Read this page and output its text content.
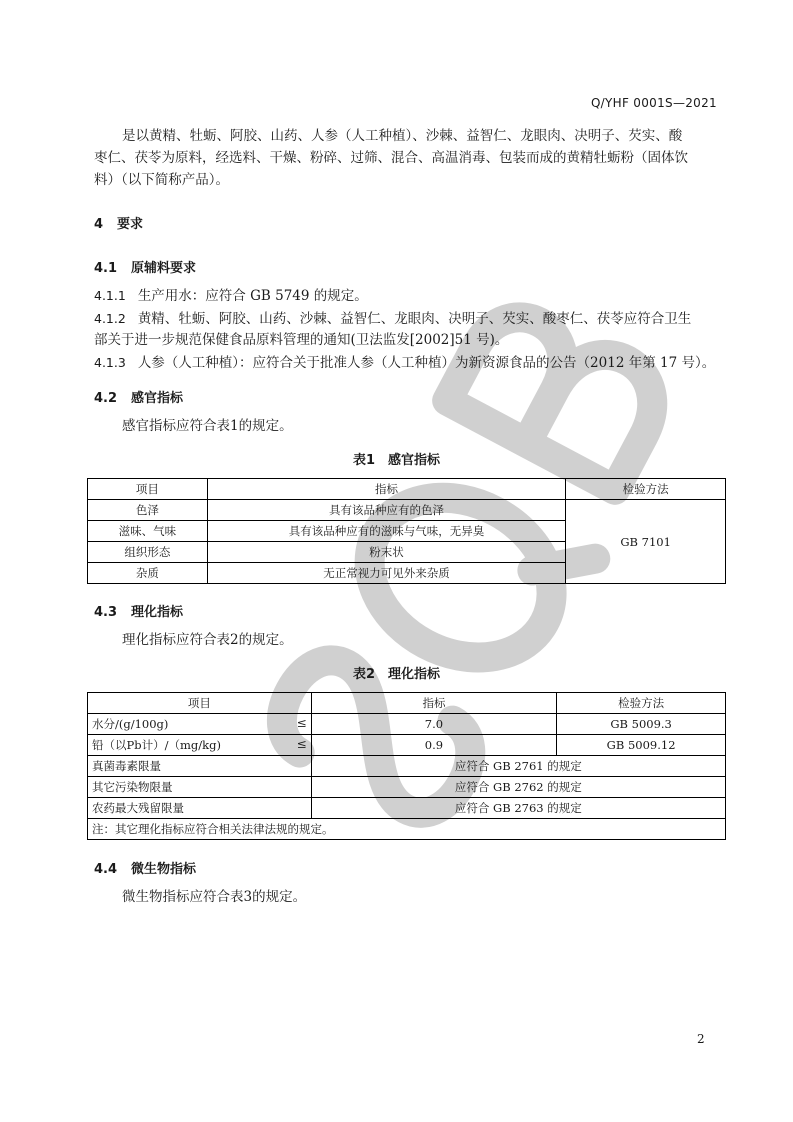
Q/YHF 0001S—2021
是以黄精、牡蛎、阿胶、山药、人参（人工种植）、沙棘、益智仁、龙眼肉、决明子、芡实、酸
枣仁、茯苓为原料，经选料、干燥、粉碎、过筛、混合、高温消毒、包装而成的黄精牡蛎粉（固体饮
料）（以下简称产品）。
4 要求
4.1 原辅料要求
4.1.1 生产用水：应符合 GB 5749 的规定。
4.1.2 黄精、牡蛎、阿胶、山药、沙棘、益智仁、龙眼肉、决明子、芡实、酸枣仁、茯苓应符合卫生
部关于进一步规范保健食品原料管理的通知(卫法监发[2002]51 号)。
4.1.3 人参（人工种植）：应符合关于批准人参（人工种植）为新资源食品的公告（2012 年第 17 号）。
4.2 感官指标
感官指标应符合表1的规定。
表1　感官指标
项目	指标	检验方法
色泽	具有该品种应有的色泽	GB 7101
滋味、气味	具有该品种应有的滋味与气味，无异臭	
组织形态	粉末状	
杂质	无正常视力可见外来杂质	
4.3 理化指标
理化指标应符合表2的规定。
表2　理化指标
项目	指标	检验方法
水分/(g/100g) ≤	7.0	GB 5009.3
铅（以Pb计）/（mg/kg) ≤	0.9	GB 5009.12
真菌毒素限量	应符合 GB 2761 的规定	
其它污染物限量	应符合 GB 2762 的规定	
农药最大残留限量	应符合 GB 2763 的规定	
注：其它理化指标应符合相关法律法规的规定。		
4.4 微生物指标
微生物指标应符合表3的规定。
2
